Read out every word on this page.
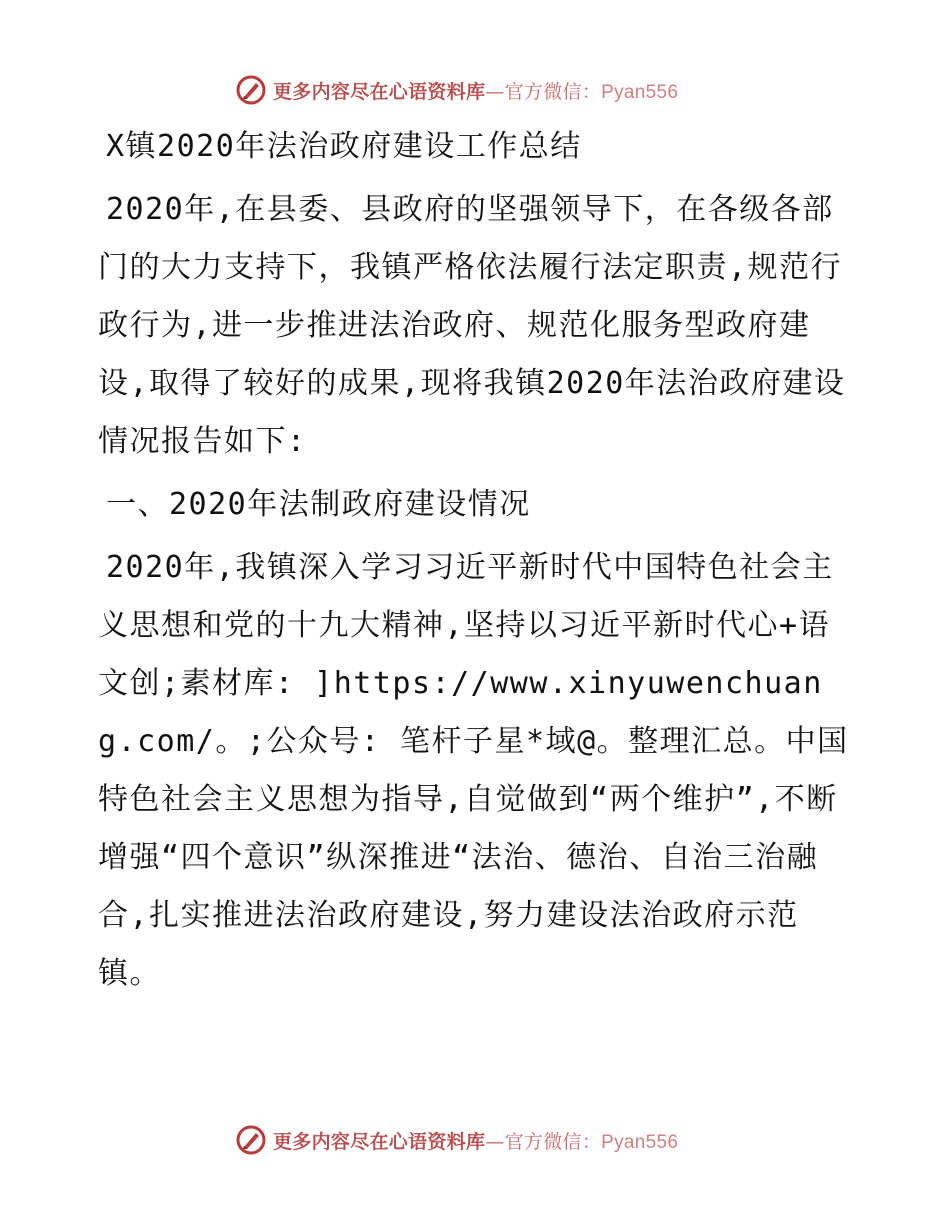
更多内容尽在心语资料库—官方微信：Pyan556

X镇2020年法治政府建设工作总结

2020年,在县委、县政府的坚强领导下，在各级各部门的大力支持下，我镇严格依法履行法定职责,规范行政行为,进一步推进法治政府、规范化服务型政府建设,取得了较好的成果,现将我镇2020年法治政府建设情况报告如下:

一、2020年法制政府建设情况

2020年,我镇深入学习习近平新时代中国特色社会主义思想和党的十九大精神,坚持以习近平新时代心+语文创;素材库: ]https://www.xinyuwenchuang.com/。;公众号: 笔杆子星*域@。整理汇总。中国特色社会主义思想为指导,自觉做到“两个维护”,不断增强“四个意识”纵深推进“法治、德治、自治三治融合,扎实推进法治政府建设,努力建设法治政府示范镇。

更多内容尽在心语资料库—官方微信：Pyan556
